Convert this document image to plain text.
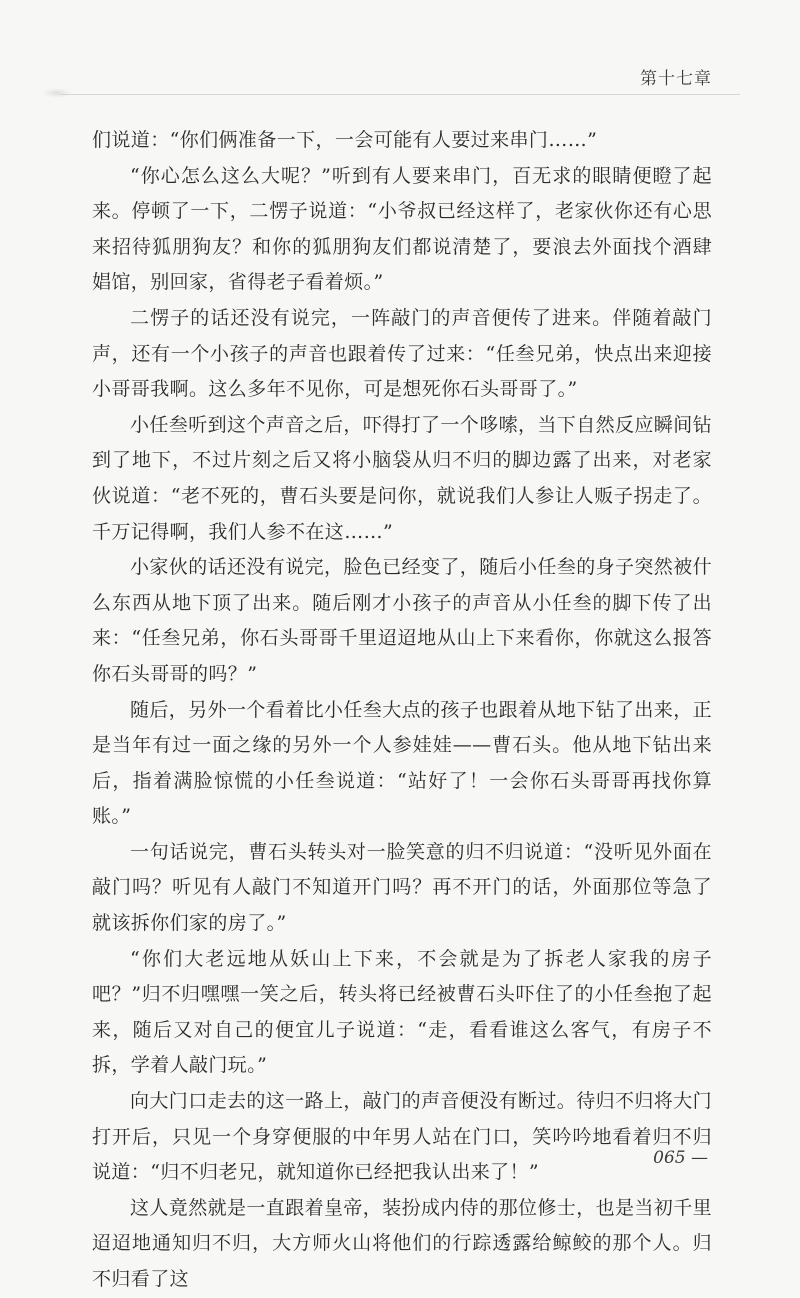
第十七章

们说道：“你们俩准备一下，一会可能有人要过来串门……”

“你心怎么这么大呢？”听到有人要来串门，百无求的眼睛便瞪了起来。停顿了一下，二愣子说道：“小爷叔已经这样了，老家伙你还有心思来招待狐朋狗友？和你的狐朋狗友们都说清楚了，要浪去外面找个酒肆娼馆，别回家，省得老子看着烦。”

二愣子的话还没有说完，一阵敲门的声音便传了进来。伴随着敲门声，还有一个小孩子的声音也跟着传了过来：“任叁兄弟，快点出来迎接小哥哥我啊。这么多年不见你，可是想死你石头哥哥了。”

小任叁听到这个声音之后，吓得打了一个哆嗦，当下自然反应瞬间钻到了地下，不过片刻之后又将小脑袋从归不归的脚边露了出来，对老家伙说道：“老不死的，曹石头要是问你，就说我们人参让人贩子拐走了。千万记得啊，我们人参不在这……”

小家伙的话还没有说完，脸色已经变了，随后小任叁的身子突然被什么东西从地下顶了出来。随后刚才小孩子的声音从小任叁的脚下传了出来：“任叁兄弟，你石头哥哥千里迢迢地从山上下来看你，你就这么报答你石头哥哥的吗？”

随后，另外一个看着比小任叁大点的孩子也跟着从地下钻了出来，正是当年有过一面之缘的另外一个人参娃娃——曹石头。他从地下钻出来后，指着满脸惊慌的小任叁说道：“站好了！一会你石头哥哥再找你算账。”

一句话说完，曹石头转头对一脸笑意的归不归说道：“没听见外面在敲门吗？听见有人敲门不知道开门吗？再不开门的话，外面那位等急了就该拆你们家的房了。”

“你们大老远地从妖山上下来，不会就是为了拆老人家我的房子吧？”归不归嘿嘿一笑之后，转头将已经被曹石头吓住了的小任叁抱了起来，随后又对自己的便宜儿子说道：“走，看看谁这么客气，有房子不拆，学着人敲门玩。”

向大门口走去的这一路上，敲门的声音便没有断过。待归不归将大门打开后，只见一个身穿便服的中年男人站在门口，笑吟吟地看着归不归说道：“归不归老兄，就知道你已经把我认出来了！”

这人竟然就是一直跟着皇帝，装扮成内侍的那位修士，也是当初千里迢迢地通知归不归，大方师火山将他们的行踪透露给鲸鲛的那个人。归不归看了这

065 —
